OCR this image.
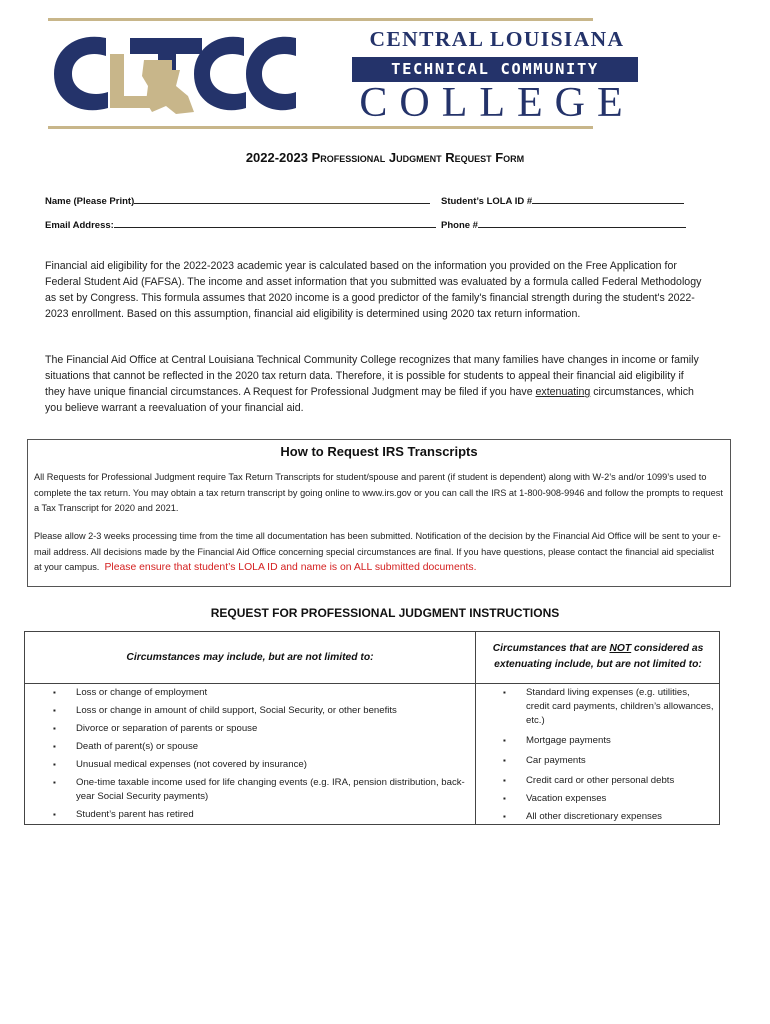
CENTRAL LOUISIANA
TECHNICAL COMMUNITY
COLLEGE
2022-2023 Professional Judgment Request Form
Name (Please Print)	Student’s LOLA ID #
Email Address:	Phone #
Financial aid eligibility for the 2022-2023 academic year is calculated based on the information you provided on the Free Application for Federal Student Aid (FAFSA). The income and asset information that you submitted was evaluated by a formula called Federal Methodology as set by Congress. This formula assumes that 2020 income is a good predictor of the family's financial strength during the student's 2022-2023 enrollment. Based on this assumption, financial aid eligibility is determined using 2020 tax return information.
The Financial Aid Office at Central Louisiana Technical Community College recognizes that many families have changes in income or family situations that cannot be reflected in the 2020 tax return data. Therefore, it is possible for students to appeal their financial aid eligibility if they have unique financial circumstances. A Request for Professional Judgment may be filed if you have extenuating circumstances, which you believe warrant a reevaluation of your financial aid.
How to Request IRS Transcripts
All Requests for Professional Judgment require Tax Return Transcripts for student/spouse and parent (if student is dependent) along with W-2’s and/or 1099’s used to complete the tax return. You may obtain a tax return transcript by going online to www.irs.gov or you can call the IRS at 1-800-908-9946 and follow the prompts to request a Tax Transcript for 2020 and 2021.
Please allow 2-3 weeks processing time from the time all documentation has been submitted. Notification of the decision by the Financial Aid Office will be sent to your e-mail address. All decisions made by the Financial Aid Office concerning special circumstances are final. If you have questions, please contact the financial aid specialist at your campus. Please ensure that student’s LOLA ID and name is on ALL submitted documents.
REQUEST FOR PROFESSIONAL JUDGMENT INSTRUCTIONS
Circumstances may include, but are not limited to:
Circumstances that are NOT considered as extenuating include, but are not limited to:
▪ Loss or change of employment
▪ Loss or change in amount of child support, Social Security, or other benefits
▪ Divorce or separation of parents or spouse
▪ Death of parent(s) or spouse
▪ Unusual medical expenses (not covered by insurance)
▪ One-time taxable income used for life changing events (e.g. IRA, pension distribution, back-year Social Security payments)
▪ Student’s parent has retired
▪ Standard living expenses (e.g. utilities, credit card payments, children’s allowances, etc.)
▪ Mortgage payments
▪ Car payments
▪ Credit card or other personal debts
▪ Vacation expenses
▪ All other discretionary expenses
